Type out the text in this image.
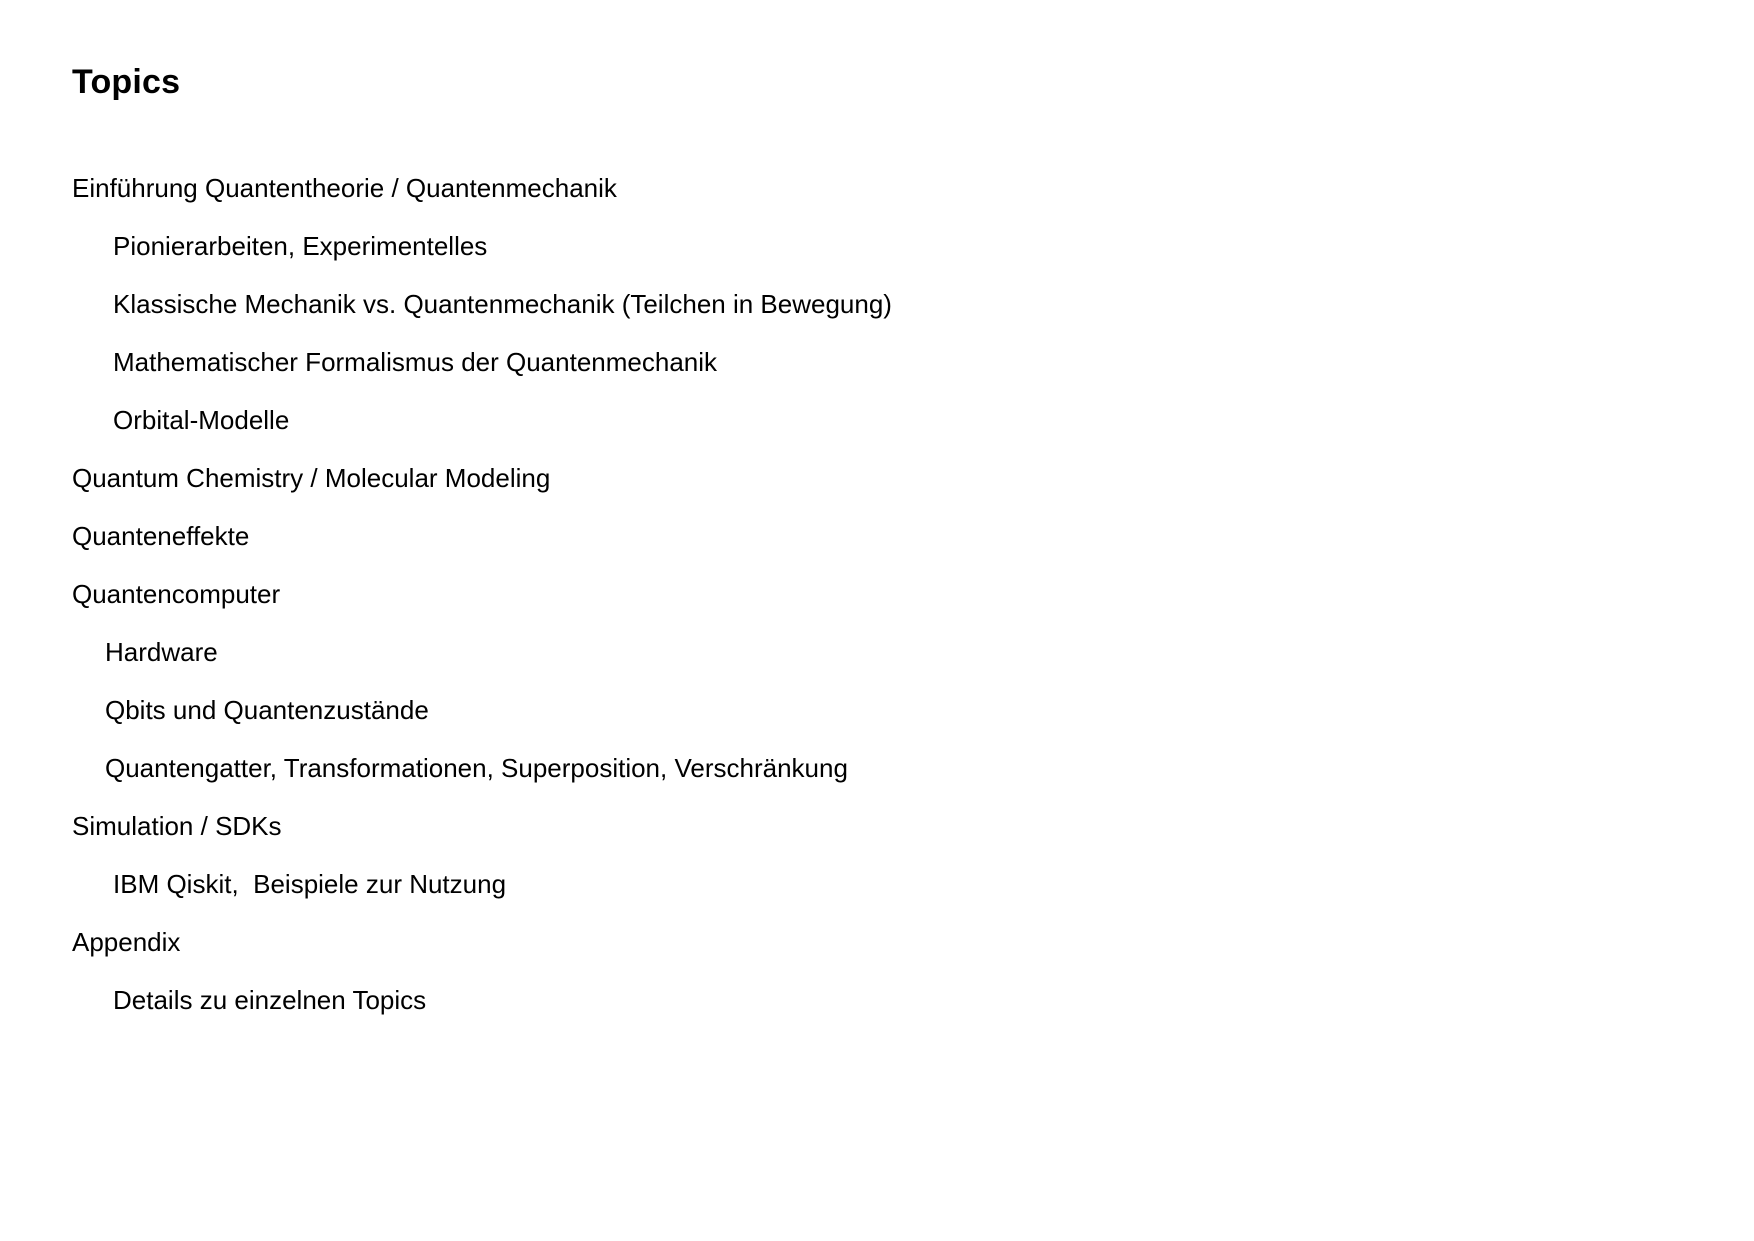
Topics
Einführung Quantentheorie / Quantenmechanik
Pionierarbeiten, Experimentelles
Klassische Mechanik vs. Quantenmechanik (Teilchen in Bewegung)
Mathematischer Formalismus der Quantenmechanik
Orbital-Modelle
Quantum Chemistry / Molecular Modeling
Quanteneffekte
Quantencomputer
Hardware
Qbits und Quantenzustände
Quantengatter, Transformationen, Superposition, Verschränkung
Simulation / SDKs
IBM Qiskit,  Beispiele zur Nutzung
Appendix
Details zu einzelnen Topics
